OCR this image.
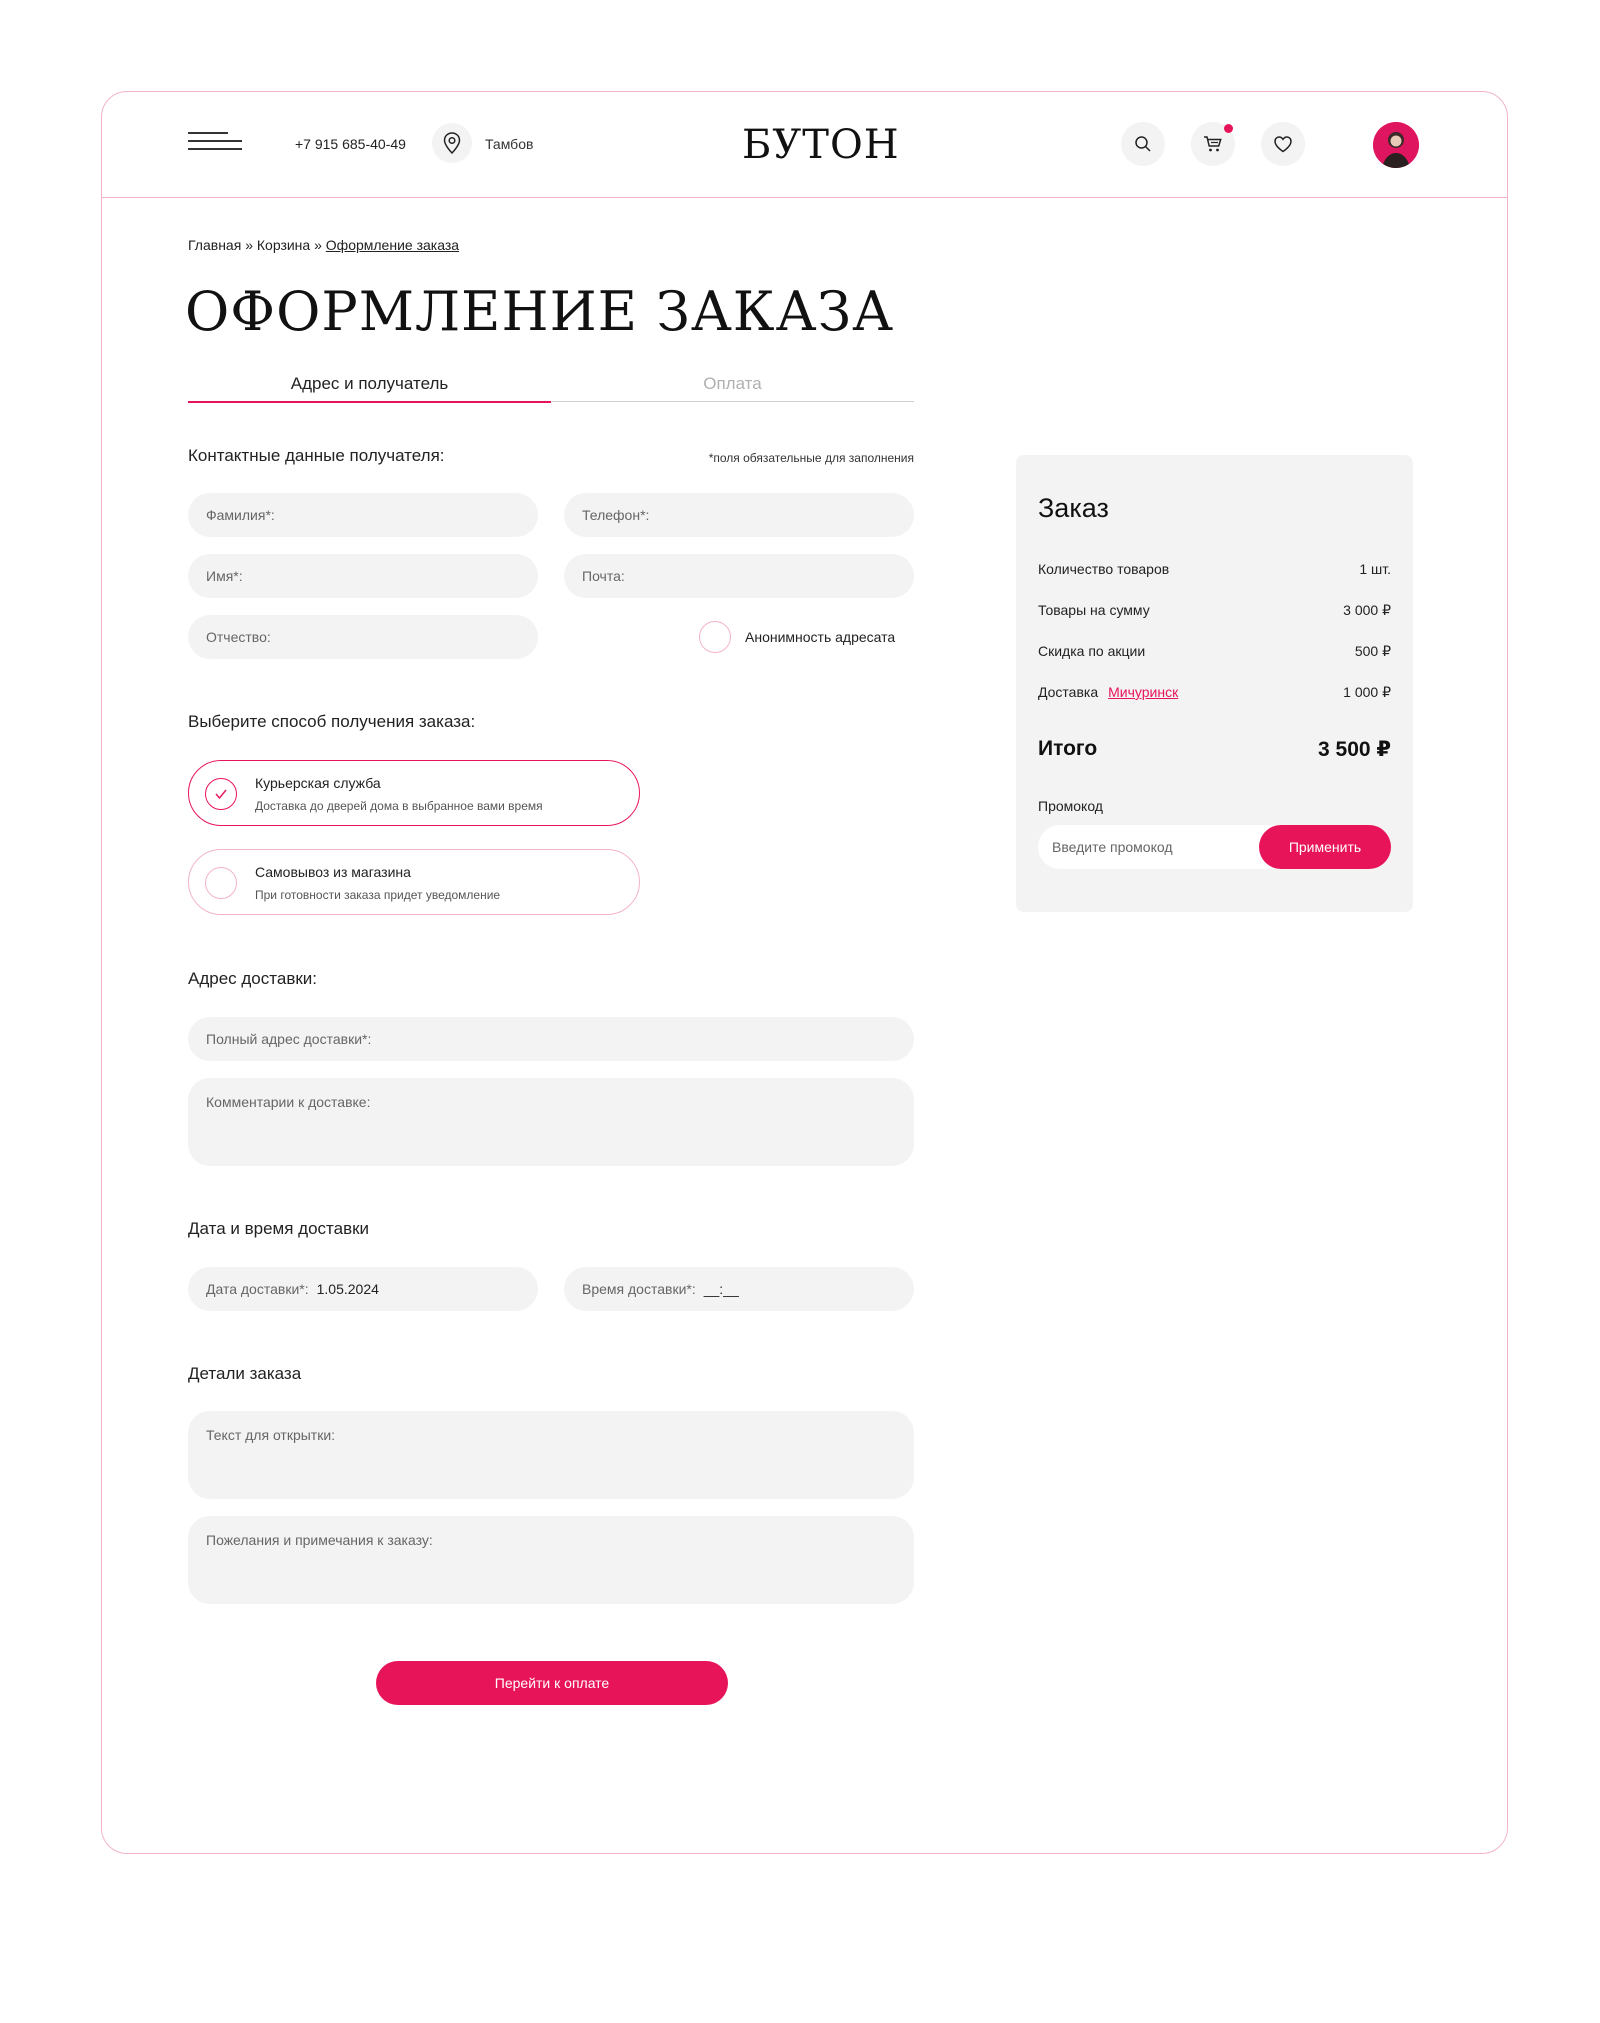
+7 915 685-40-49	Тамбов	БУТОН
Главная » Корзина » Оформление заказа
ОФОРМЛЕНИЕ ЗАКАЗА
Адрес и получатель	Оплата
Контактные данные получателя:	*поля обязательные для заполнения
Фамилия*:	Телефон*:
Имя*:	Почта:
Отчество:	Анонимность адресата
Выберите способ получения заказа:
Курьерская служба
Доставка до дверей дома в выбранное вами время
Самовывоз из магазина
При готовности заказа придет уведомление
Адрес доставки:
Полный адрес доставки*:
Комментарии к доставке:
Дата и время доставки
Дата доставки*: 1.05.2024	Время доставки*: __:__
Детали заказа
Текст для открытки:
Пожелания и примечания к заказу:
Перейти к оплате
Заказ
Количество товаров	1 шт.
Товары на сумму	3 000 ₽
Скидка по акции	500 ₽
Доставка Мичуринск	1 000 ₽
Итого	3 500 ₽
Промокод
Введите промокод	Применить
